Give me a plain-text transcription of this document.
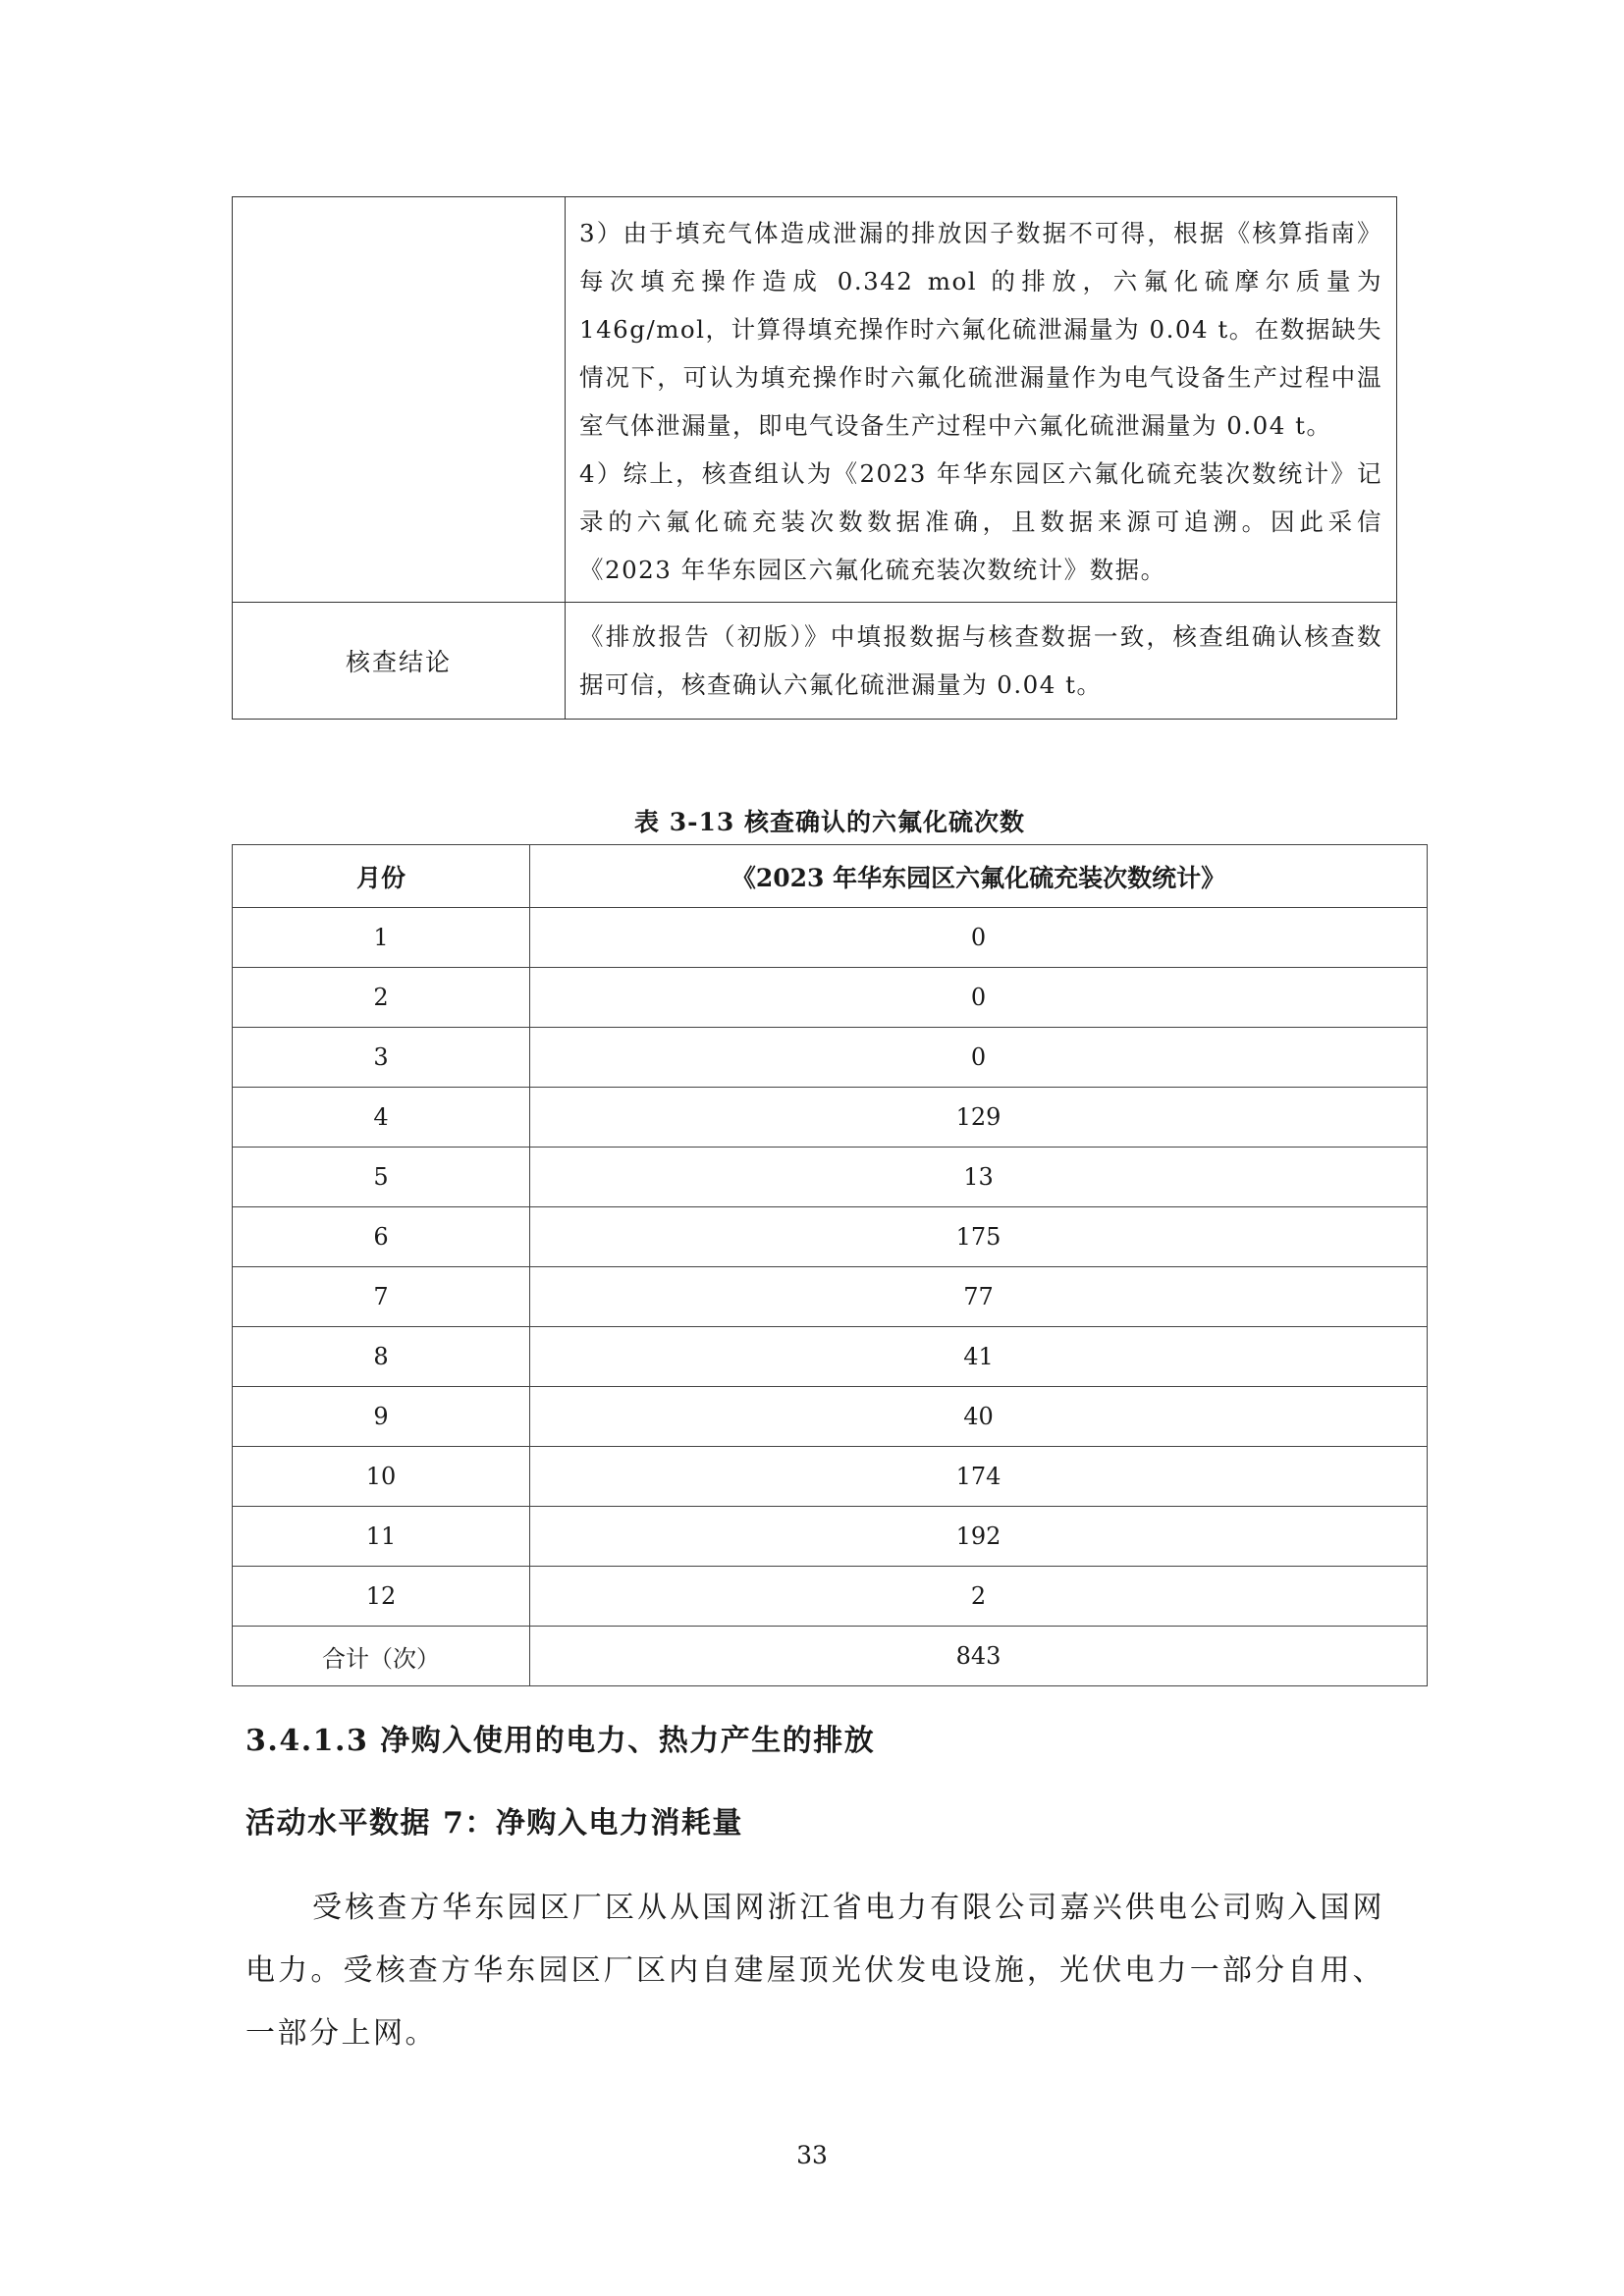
	3）由于填充气体造成泄漏的排放因子数据不可得，根据《核算指南》每次填充操作造成 0.342 mol 的排放，六氟化硫摩尔质量为 146g/mol，计算得填充操作时六氟化硫泄漏量为 0.04 t。在数据缺失情况下，可认为填充操作时六氟化硫泄漏量作为电气设备生产过程中温室气体泄漏量，即电气设备生产过程中六氟化硫泄漏量为 0.04 t。

4）综上，核查组认为《2023 年华东园区六氟化硫充装次数统计》记录的六氟化硫充装次数数据准确，且数据来源可追溯。因此采信《2023 年华东园区六氟化硫充装次数统计》数据。

核查结论	《排放报告（初版）》中填报数据与核查数据一致，核查组确认核查数据可信，核查确认六氟化硫泄漏量为 0.04 t。

表 3-13 核查确认的六氟化硫次数
月份	《2023 年华东园区六氟化硫充装次数统计》
1	0
2	0
3	0
4	129
5	13
6	175
7	77
8	41
9	40
10	174
11	192
12	2
合计（次）	843
3.4.1.3 净购入使用的电力、热力产生的排放
活动水平数据 7：净购入电力消耗量

受核查方华东园区厂区从从国网浙江省电力有限公司嘉兴供电公司购入国网电力。受核查方华东园区厂区内自建屋顶光伏发电设施，光伏电力一部分自用、一部分上网。

33
